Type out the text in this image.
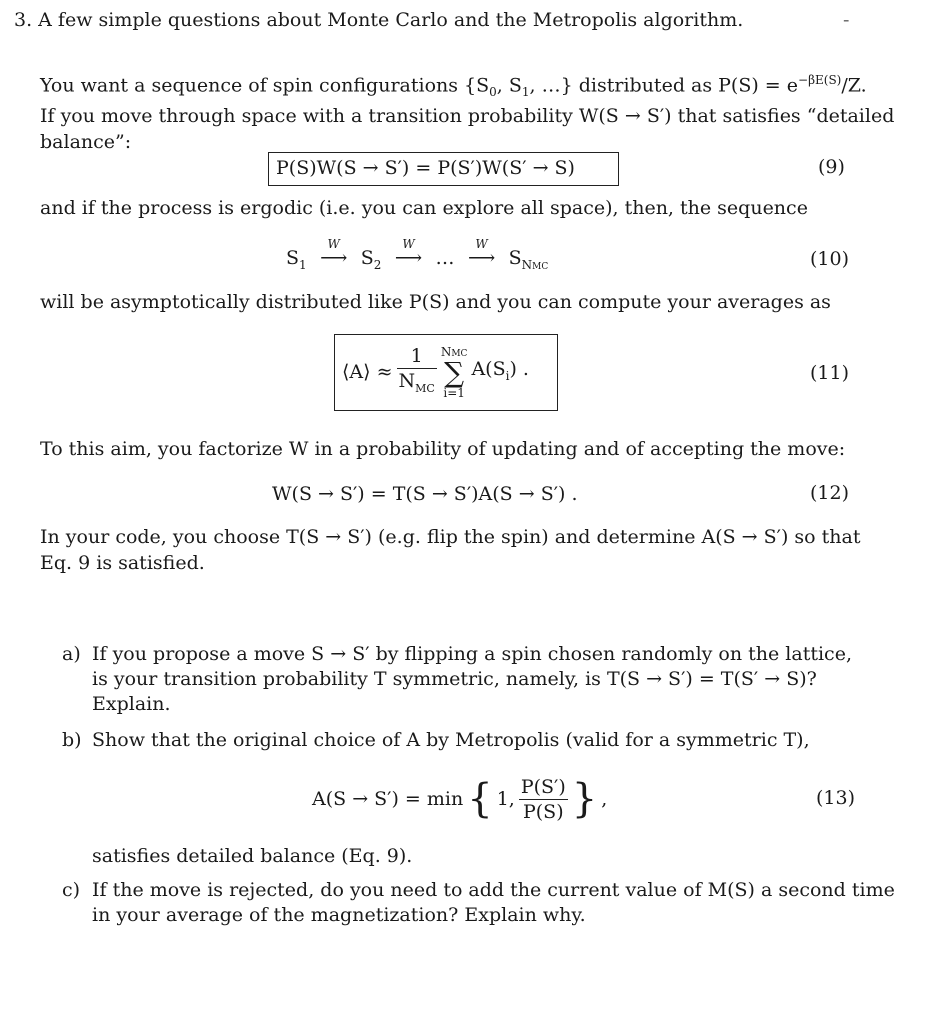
3. A few simple questions about Monte Carlo and the Metropolis algorithm.	-
You want a sequence of spin configurations {$S_0$, $S_1$, …} distributed as $P(S) = e^{-\beta E(S)}/Z$.
If you move through space with a transition probability W(S → S′) that satisfies “detailed
balance”:
P(S)W(S → S′) = P(S′)W(S′ → S)	(9)
and if the process is ergodic (i.e. you can explore all space), then, the sequence
$S_1$
W
⟶ $S_2$
W
⟶ …
W
⟶ $S_{NMC}$	(10)
will be asymptotically distributed like P(S) and you can compute your averages as
⟨A⟩ ≈ $\frac{1}{N_{MC}}$ NMC
∑
i=1
$A(S_i)$ .	(11)
To this aim, you factorize W in a probability of updating and of accepting the move:
W(S → S′) = T(S → S′)A(S → S′) .	(12)
In your code, you choose T(S → S′) (e.g. flip the spin) and determine A(S → S′) so that
Eq. 9 is satisfied.
a) If you propose a move S → S′ by flipping a spin chosen randomly on the lattice,
is your transition probability T symmetric, namely, is T(S → S′) = T(S′ → S)?
Explain.
b) Show that the original choice of A by Metropolis (valid for a symmetric T),
A(S → S′) = min { 1, $\frac{P(S')}{P(S)}$ } ,	(13)
satisfies detailed balance (Eq. 9).
c) If the move is rejected, do you need to add the current value of M(S) a second time
in your average of the magnetization? Explain why.
